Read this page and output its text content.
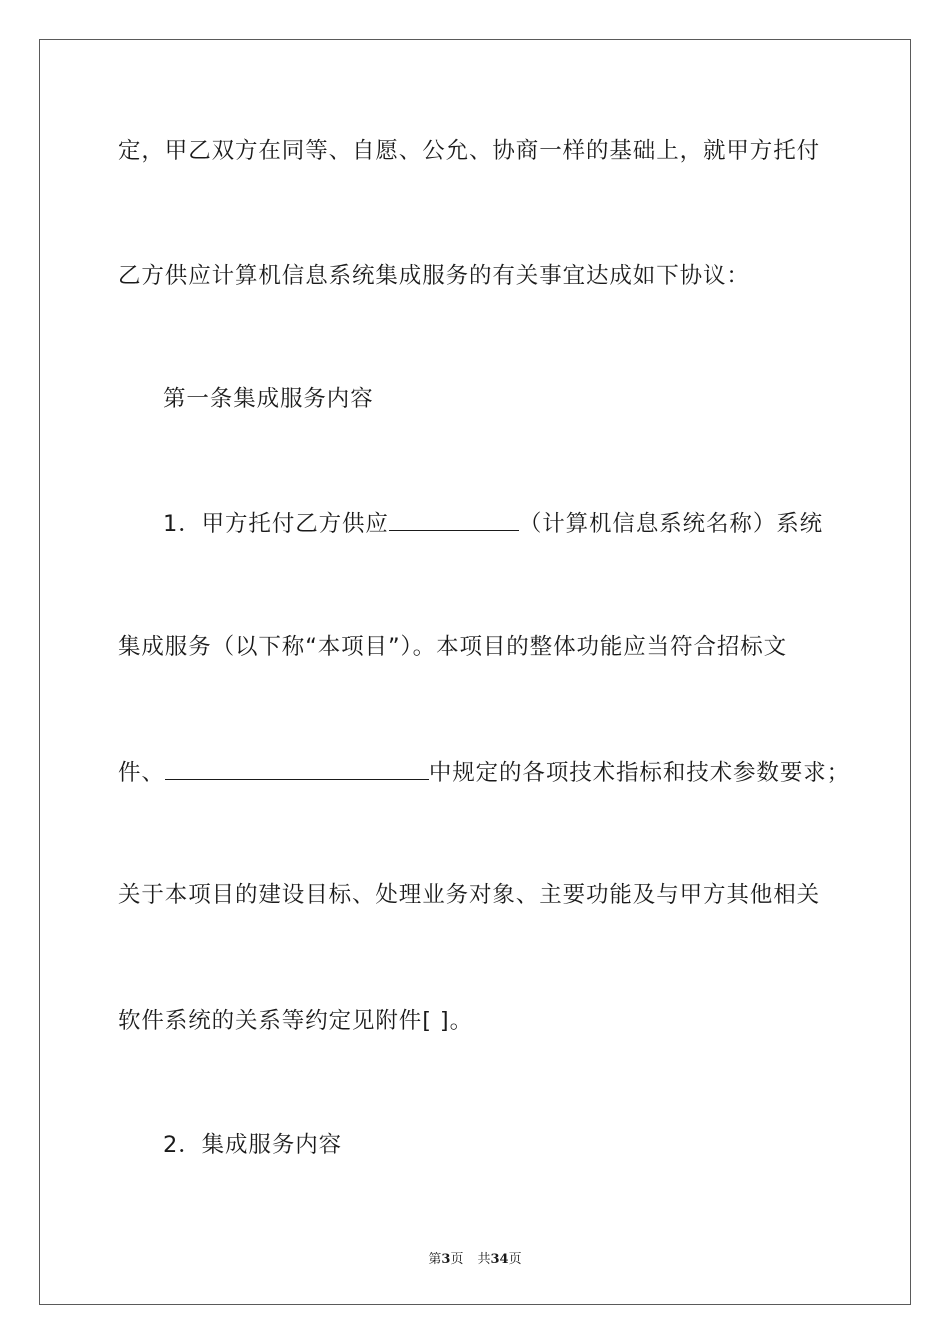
定，甲乙双方在同等、自愿、公允、协商一样的基础上，就甲方托付
乙方供应计算机信息系统集成服务的有关事宜达成如下协议：
第一条集成服务内容
1．甲方托付乙方供应	（计算机信息系统名称）系统
集成服务（以下称“本项目”）。本项目的整体功能应当符合招标文
件、	中规定的各项技术指标和技术参数要求；
关于本项目的建设目标、处理业务对象、主要功能及与甲方其他相关
软件系统的关系等约定见附件[ ]。
2．集成服务内容
第3页 共34页
